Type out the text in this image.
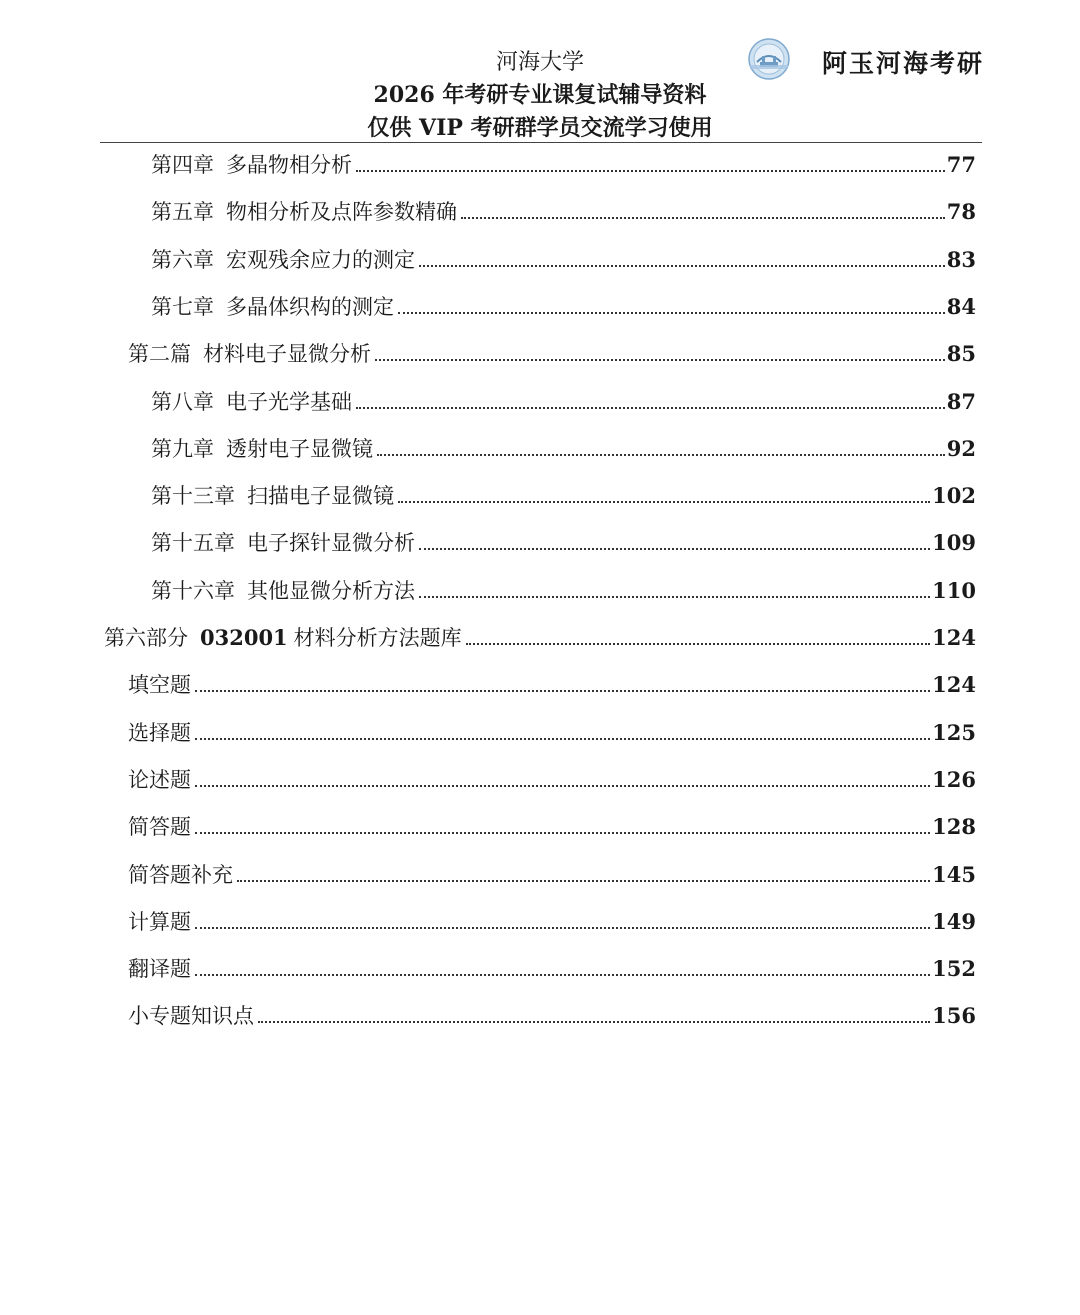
河海大学
2026 年考研专业课复试辅导资料
仅供 VIP 考研群学员交流学习使用
阿玉河海考研
第四章 多晶物相分析	77
第五章 物相分析及点阵参数精确	78
第六章 宏观残余应力的测定	83
第七章 多晶体织构的测定	84
第二篇 材料电子显微分析	85
第八章 电子光学基础	87
第九章 透射电子显微镜	92
第十三章 扫描电子显微镜	102
第十五章 电子探针显微分析	109
第十六章 其他显微分析方法	110
第六部分 032001 材料分析方法题库	124
填空题	124
选择题	125
论述题	126
简答题	128
简答题补充	145
计算题	149
翻译题	152
小专题知识点	156
